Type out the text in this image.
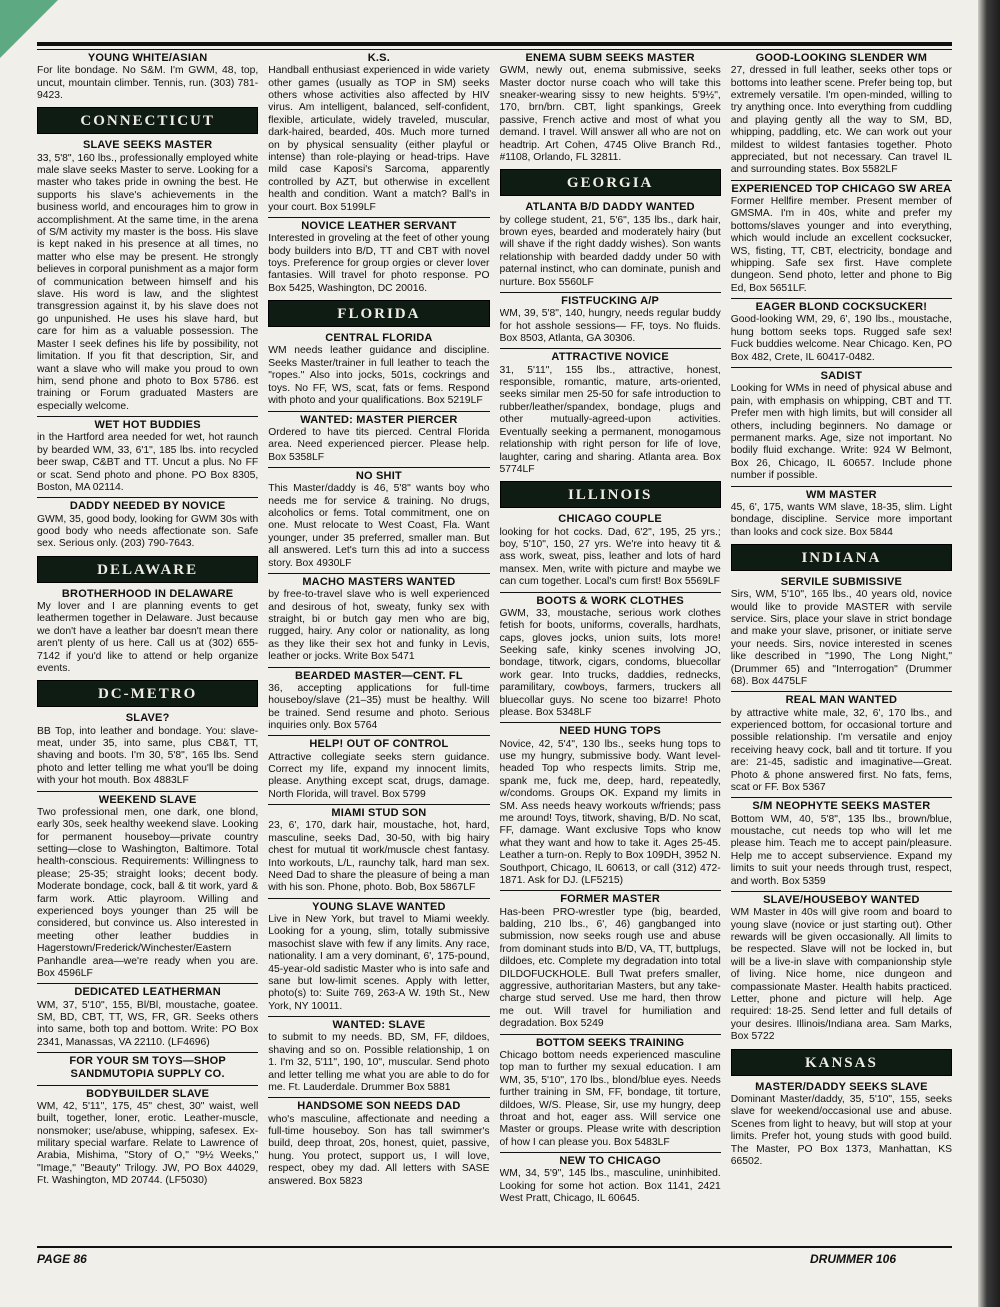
YOUNG WHITE/ASIAN

For lite bondage. No S&M. I'm GWM, 48, top, uncut, mountain climber. Tennis, run. (303) 781-9423.

CONNECTICUT
SLAVE SEEKS MASTER

33, 5'8", 160 lbs., professionally employed white male slave seeks Master to serve. Looking for a master who takes pride in owning the best. He supports his slave's achievements in the business world, and encourages him to grow in accomplishment. At the same time, in the arena of S/M activity my master is the boss. His slave is kept naked in his presence at all times, no matter who else may be present. He strongly believes in corporal punishment as a major form of communication between himself and his slave. His word is law, and the slightest transgression against it, by his slave does not go unpunished. He uses his slave hard, but care for him as a valuable possession. The Master I seek defines his life by possibility, not limitation. If you fit that description, Sir, and want a slave who will make you proud to own him, send phone and photo to Box 5786. est training or Forum graduated Masters are especially welcome.

WET HOT BUDDIES

in the Hartford area needed for wet, hot raunch by bearded WM, 33, 6'1", 185 lbs. into recycled beer swap, C&BT and TT. Uncut a plus. No FF or scat. Send photo and phone. PO Box 8305, Boston, MA 02114.

DADDY NEEDED BY NOVICE

GWM, 35, good body, looking for GWM 30s with good body who needs affectionate son. Safe sex. Serious only. (203) 790-7643.

DELAWARE
BROTHERHOOD IN DELAWARE

My lover and I are planning events to get leathermen together in Delaware. Just because we don't have a leather bar doesn't mean there aren't plenty of us here. Call us at (302) 655-7142 if you'd like to attend or help organize events.

DC-METRO
SLAVE?

BB Top, into leather and bondage. You: slave-meat, under 35, into same, plus CB&T, TT, shaving and boots. I'm 30, 5'8", 165 lbs. Send photo and letter telling me what you'll be doing with your hot mouth. Box 4883LF

WEEKEND SLAVE

Two professional men, one dark, one blond, early 30s, seek healthy weekend slave. Looking for permanent houseboy—private country setting—close to Washington, Baltimore. Total health-conscious. Requirements: Willingness to please; 25-35; straight looks; decent body. Moderate bondage, cock, ball & tit work, yard & farm work. Attic playroom. Willing and experienced boys younger than 25 will be considered, but convince us. Also interested in meeting other leather buddies in Hagerstown/Frederick/Winchester/Eastern Panhandle area—we're ready when you are. Box 4596LF

DEDICATED LEATHERMAN

WM, 37, 5'10", 155, Bl/Bl, moustache, goatee. SM, BD, CBT, TT, WS, FR, GR. Seeks others into same, both top and bottom. Write: PO Box 2341, Manassas, VA 22110. (LF4696)

FOR YOUR SM TOYS—SHOP SANDMUTOPIA SUPPLY CO.
BODYBUILDER SLAVE

WM, 42, 5'11", 175, 45" chest, 30" waist, well built, together, loner, erotic. Leather-muscle, nonsmoker; use/abuse, whipping, safesex. Ex-military special warfare. Relate to Lawrence of Arabia, Mishima, "Story of O," "9½ Weeks," "Image," "Beauty" Trilogy. JW, PO Box 44029, Ft. Washington, MD 20744. (LF5030)

K.S.

Handball enthusiast experienced in wide variety other games (usually as TOP in SM) seeks others whose activities also affected by HIV virus. Am intelligent, balanced, self-confident, flexible, articulate, widely traveled, muscular, dark-haired, bearded, 40s. Much more turned on by physical sensuality (either playful or intense) than role-playing or head-trips. Have mild case Kaposi's Sarcoma, apparently controlled by AZT, but otherwise in excellent health and condition. Want a match? Ball's in your court. Box 5199LF

NOVICE LEATHER SERVANT

Interested in groveling at the feet of other young body builders into B/D, TT and CBT with novel toys. Preference for group orgies or clever lover fantasies. Will travel for photo response. PO Box 5425, Washington, DC 20016.

FLORIDA
CENTRAL FLORIDA

WM needs leather guidance and discipline. Seeks Master/trainer in full leather to teach the "ropes." Also into jocks, 501s, cockrings and toys. No FF, WS, scat, fats or fems. Respond with photo and your qualifications. Box 5219LF

WANTED: MASTER PIERCER

Ordered to have tits pierced. Central Florida area. Need experienced piercer. Please help. Box 5358LF

NO SHIT

This Master/daddy is 46, 5'8" wants boy who needs me for service & training. No drugs, alcoholics or fems. Total commitment, one on one. Must relocate to West Coast, Fla. Want younger, under 35 preferred, smaller man. But all answered. Let's turn this ad into a success story. Box 4930LF

MACHO MASTERS WANTED

by free-to-travel slave who is well experienced and desirous of hot, sweaty, funky sex with straight, bi or butch gay men who are big, rugged, hairy. Any color or nationality, as long as they like their sex hot and funky in Levis, leather or jocks. Write Box 5471

BEARDED MASTER—CENT. FL

36, accepting applications for full-time houseboy/slave (21–35) must be healthy. Will be trained. Send resume and photo. Serious inquiries only. Box 5764

HELP! OUT OF CONTROL

Attractive collegiate seeks stern guidance. Correct my life, expand my innocent limits, please. Anything except scat, drugs, damage. North Florida, will travel. Box 5799

MIAMI STUD SON

23, 6', 170, dark hair, moustache, hot, hard, masculine, seeks Dad, 30-50, with big hairy chest for mutual tit work/muscle chest fantasy. Into workouts, L/L, raunchy talk, hard man sex. Need Dad to share the pleasure of being a man with his son. Phone, photo. Bob, Box 5867LF

YOUNG SLAVE WANTED

Live in New York, but travel to Miami weekly. Looking for a young, slim, totally submissive masochist slave with few if any limits. Any race, nationality. I am a very dominant, 6', 175-pound, 45-year-old sadistic Master who is into safe and sane but low-limit scenes. Apply with letter, photo(s) to: Suite 769, 263-A W. 19th St., New York, NY 10011.

WANTED: SLAVE

to submit to my needs. BD, SM, FF, dildoes, shaving and so on. Possible relationship, 1 on 1. I'm 32, 5'11", 190, 10", muscular. Send photo and letter telling me what you are able to do for me. Ft. Lauderdale. Drummer Box 5881

HANDSOME SON NEEDS DAD

who's masculine, affectionate and needing a full-time houseboy. Son has tall swimmer's build, deep throat, 20s, honest, quiet, passive, hung. You protect, support us, I will love, respect, obey my dad. All letters with SASE answered. Box 5823

ENEMA SUBM SEEKS MASTER

GWM, newly out, enema submissive, seeks Master doctor nurse coach who will take this sneaker-wearing sissy to new heights. 5'9½", 170, brn/brn. CBT, light spankings, Greek passive, French active and most of what you demand. I travel. Will answer all who are not on headtrip. Art Cohen, 4745 Olive Branch Rd., #1108, Orlando, FL 32811.

GEORGIA
ATLANTA B/D DADDY WANTED

by college student, 21, 5'6", 135 lbs., dark hair, brown eyes, bearded and moderately hairy (but will shave if the right daddy wishes). Son wants relationship with bearded daddy under 50 with paternal instinct, who can dominate, punish and nurture. Box 5560LF

FISTFUCKING A/P

WM, 39, 5'8", 140, hungry, needs regular buddy for hot asshole sessions— FF, toys. No fluids. Box 8503, Atlanta, GA 30306.

ATTRACTIVE NOVICE

31, 5'11", 155 lbs., attractive, honest, responsible, romantic, mature, arts-oriented, seeks similar men 25-50 for safe introduction to rubber/leather/spandex, bondage, plugs and other mutually-agreed-upon activities. Eventually seeking a permanent, monogamous relationship with right person for life of love, laughter, caring and sharing. Atlanta area. Box 5774LF

ILLINOIS
CHICAGO COUPLE

looking for hot cocks. Dad, 6'2", 195, 25 yrs.; boy, 5'10", 150, 27 yrs. We're into heavy tit & ass work, sweat, piss, leather and lots of hard mansex. Men, write with picture and maybe we can cum together. Local's cum first! Box 5569LF

BOOTS & WORK CLOTHES

GWM, 33, moustache, serious work clothes fetish for boots, uniforms, coveralls, hardhats, caps, gloves jocks, union suits, lots more! Seeking safe, kinky scenes involving JO, bondage, titwork, cigars, condoms, bluecollar work gear. Into trucks, daddies, rednecks, paramilitary, cowboys, farmers, truckers all bluecollar guys. No scene too bizarre! Photo please. Box 5348LF

NEED HUNG TOPS

Novice, 42, 5'4", 130 lbs., seeks hung tops to use my hungry, submissive body. Want level-headed Top who respects limits. Strip me, spank me, fuck me, deep, hard, repeatedly, w/condoms. Groups OK. Expand my limits in SM. Ass needs heavy workouts w/friends; pass me around! Toys, titwork, shaving, B/D. No scat, FF, damage. Want exclusive Tops who know what they want and how to take it. Ages 25-45. Leather a turn-on. Reply to Box 109DH, 3952 N. Southport, Chicago, IL 60613, or call (312) 472-1871. Ask for DJ. (LF5215)

FORMER MASTER

Has-been PRO-wrestler type (big, bearded, balding, 210 lbs., 6', 46) gangbanged into submission, now seeks rough use and abuse from dominant studs into B/D, VA, TT, buttplugs, dildoes, etc. Complete my degradation into total DILDOFUCKHOLE. Bull Twat prefers smaller, aggressive, authoritarian Masters, but any take-charge stud served. Use me hard, then throw me out. Will travel for humiliation and degradation. Box 5249

BOTTOM SEEKS TRAINING

Chicago bottom needs experienced masculine top man to further my sexual education. I am WM, 35, 5'10", 170 lbs., blond/blue eyes. Needs further training in SM, FF, bondage, tit torture, dildoes, W/S. Please, Sir, use my hungry, deep throat and hot, eager ass. Will service one Master or groups. Please write with description of how I can please you. Box 5483LF

NEW TO CHICAGO

WM, 34, 5'9", 145 lbs., masculine, uninhibited. Looking for some hot action. Box 1141, 2421 West Pratt, Chicago, IL 60645.

GOOD-LOOKING SLENDER WM

27, dressed in full leather, seeks other tops or bottoms into leather scene. Prefer being top, but extremely versatile. I'm open-minded, willing to try anything once. Into everything from cuddling and playing gently all the way to SM, BD, whipping, paddling, etc. We can work out your mildest to wildest fantasies together. Photo appreciated, but not necessary. Can travel IL and surrounding states. Box 5582LF

EXPERIENCED TOP CHICAGO SW AREA

Former Hellfire member. Present member of GMSMA. I'm in 40s, white and prefer my bottoms/slaves younger and into everything, which would include an excellent cocksucker, WS, fisting, TT, CBT, electricity, bondage and whipping. Safe sex first. Have complete dungeon. Send photo, letter and phone to Big Ed, Box 5651LF.

EAGER BLOND COCKSUCKER!

Good-looking WM, 29, 6', 190 lbs., moustache, hung bottom seeks tops. Rugged safe sex! Fuck buddies welcome. Near Chicago. Ken, PO Box 482, Crete, IL 60417-0482.

SADIST

Looking for WMs in need of physical abuse and pain, with emphasis on whipping, CBT and TT. Prefer men with high limits, but will consider all others, including beginners. No damage or permanent marks. Age, size not important. No bodily fluid exchange. Write: 924 W Belmont, Box 26, Chicago, IL 60657. Include phone number if possible.

WM MASTER

45, 6', 175, wants WM slave, 18-35, slim. Light bondage, discipline. Service more important than looks and cock size. Box 5844

INDIANA
SERVILE SUBMISSIVE

Sirs, WM, 5'10", 165 lbs., 40 years old, novice would like to provide MASTER with servile service. Sirs, place your slave in strict bondage and make your slave, prisoner, or initiate serve your needs. Sirs, novice interested in scenes like described in "1990, The Long Night," (Drummer 65) and "Interrogation" (Drummer 68). Box 4475LF

REAL MAN WANTED

by attractive white male, 32, 6', 170 lbs., and experienced bottom, for occasional torture and possible relationship. I'm versatile and enjoy receiving heavy cock, ball and tit torture. If you are: 21-45, sadistic and imaginative—Great. Photo & phone answered first. No fats, fems, scat or FF. Box 5367

S/M NEOPHYTE SEEKS MASTER

Bottom WM, 40, 5'8", 135 lbs., brown/blue, moustache, cut needs top who will let me please him. Teach me to accept pain/pleasure. Help me to accept subservience. Expand my limits to suit your needs through trust, respect, and worth. Box 5359

SLAVE/HOUSEBOY WANTED

WM Master in 40s will give room and board to young slave (novice or just starting out). Other rewards will be given occasionally. All limits to be respected. Slave will not be locked in, but will be a live-in slave with companionship style of living. Nice home, nice dungeon and compassionate Master. Health habits practiced. Letter, phone and picture will help. Age required: 18-25. Send letter and full details of your desires. Illinois/Indiana area. Sam Marks, Box 5722

KANSAS
MASTER/DADDY SEEKS SLAVE

Dominant Master/daddy, 35, 5'10", 155, seeks slave for weekend/occasional use and abuse. Scenes from light to heavy, but will stop at your limits. Prefer hot, young studs with good build. The Master, PO Box 1373, Manhattan, KS 66502.

PAGE 86	DRUMMER 106
